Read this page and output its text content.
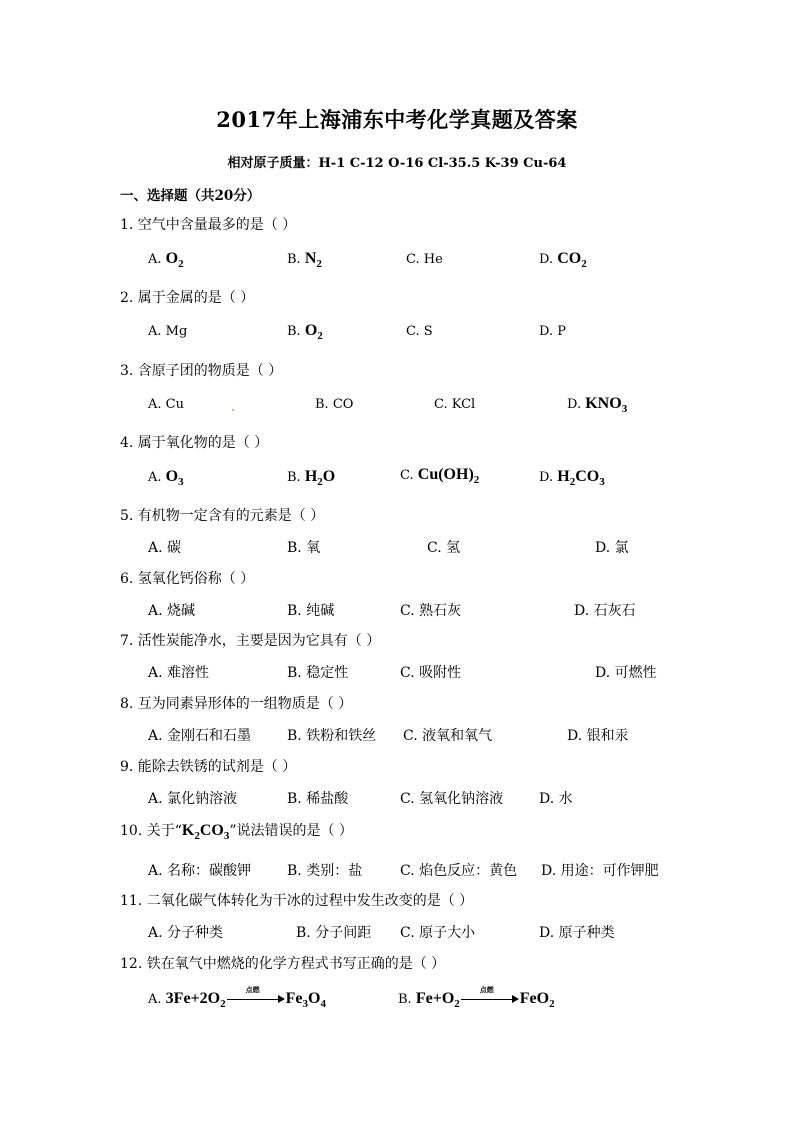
2017年上海浦东中考化学真题及答案
相对原子质量：H-1 C-12 O-16 Cl-35.5 K-39 Cu-64
一、选择题（共20分）
1. 空气中含量最多的是（ ）
A. $O_2$	B. $N_2$	C. He	D. $CO_2$
2. 属于金属的是（ ）
A. Mg	B. $O_2$	C. S	D. P
3. 含原子团的物质是（ ）
A. Cu	B. CO	C. KCl	D. $KNO_3$
4. 属于氧化物的是（ ）
A. $O_3$	B. $H_2O$	C. $Cu(OH)_2$	D. $H_2CO_3$
5. 有机物一定含有的元素是（ ）
A. 碳	B. 氧	C. 氢	D. 氯
6. 氢氧化钙俗称（ ）
A. 烧碱	B. 纯碱	C. 熟石灰	D. 石灰石
7. 活性炭能净水，主要是因为它具有（ ）
A. 难溶性	B. 稳定性	C. 吸附性	D. 可燃性
8. 互为同素异形体的一组物质是（ ）
A. 金刚石和石墨	B. 铁粉和铁丝 C. 液氧和氧气	D. 银和汞
9. 能除去铁锈的试剂是（ ）
A. 氯化钠溶液	B. 稀盐酸	C. 氢氧化钠溶液	D. 水
10. 关于“$K_2CO_3$”说法错误的是（ ）
A. 名称：碳酸钾	B. 类别：盐	C. 焰色反应：黄色 D. 用途：可作钾肥
11. 二氧化碳气体转化为干冰的过程中发生改变的是（ ）
A. 分子种类	B. 分子间距 C. 原子大小	D. 原子种类
12. 铁在氧气中燃烧的化学方程式书写正确的是（ ）
A. $3Fe+2O_2$
点燃	$Fe_3O_4$	B. $Fe+O_2$
点燃	FeO$_2$
